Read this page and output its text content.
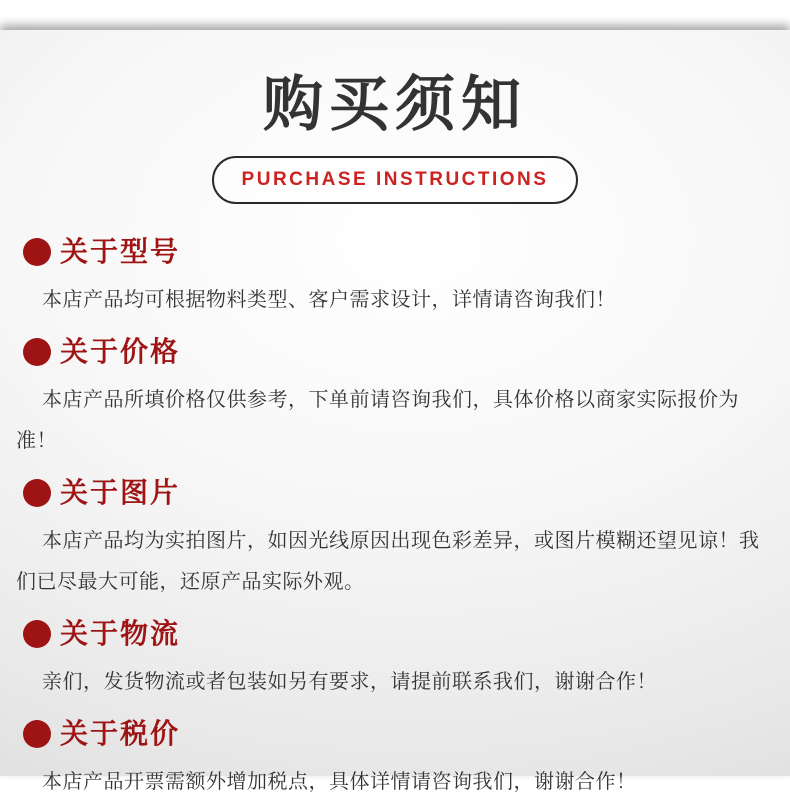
购买须知
PURCHASE INSTRUCTIONS
关于型号

本店产品均可根据物料类型、客户需求设计，详情请咨询我们！

关于价格

本店产品所填价格仅供参考，下单前请咨询我们，具体价格以商家实际报价为准！

关于图片

本店产品均为实拍图片，如因光线原因出现色彩差异，或图片模糊还望见谅！我们已尽最大可能，还原产品实际外观。

关于物流

亲们，发货物流或者包装如另有要求，请提前联系我们，谢谢合作！

关于税价

本店产品开票需额外增加税点，具体详情请咨询我们，谢谢合作！
